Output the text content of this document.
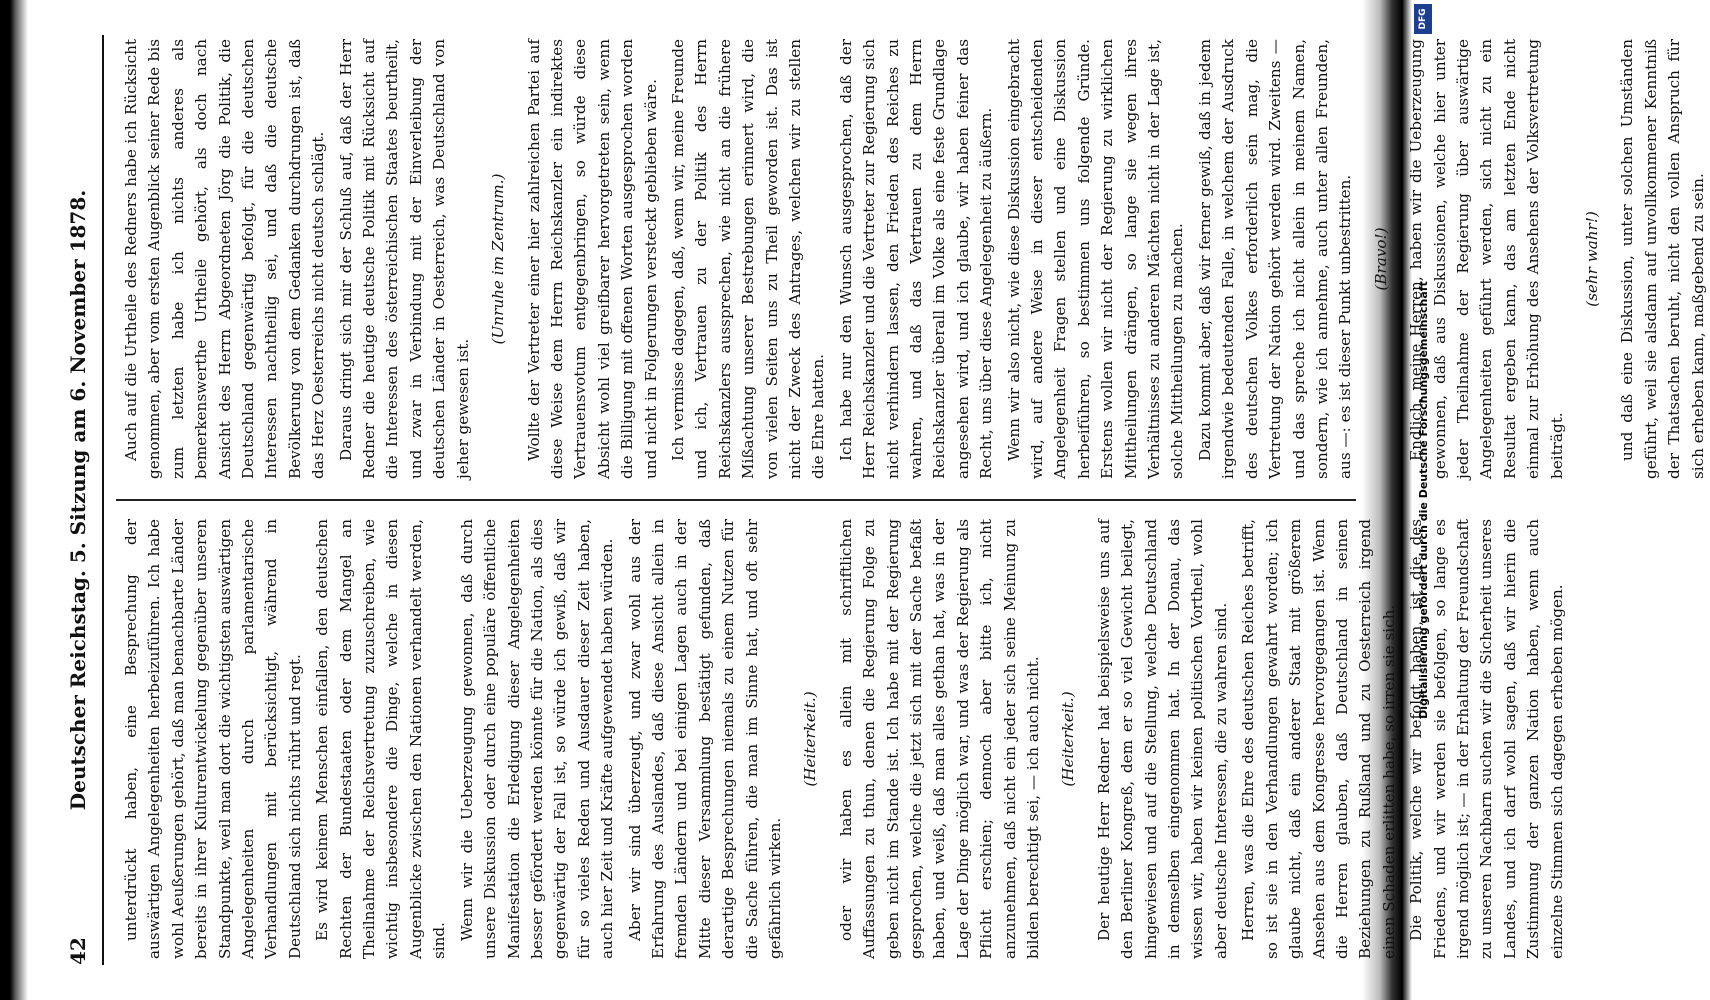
42
Deutscher Reichstag. 5. Sitzung am 6. November 1878. unterdrückt haben, eine Besprechung der auswärtigen Angelegenheiten herbeizuführen. Ich habe wohl Aeußerungen gehört, daß man benachbarte Länder bereits in ihrer Kulturentwickelung gegenüber unseren Standpunkte, weil man dort die wichtigsten auswärtigen Angelegenheiten durch parlamentarische Verhandlungen mit berücksichtigt, während in Deutschland sich nichts rührt und regt. Es wird keinem Menschen einfallen, den deutschen Rechten der Bundestaaten oder dem Mangel an Theilnahme der Reichsvertretung zuzuschreiben, wie wichtig insbesondere die Dinge, welche in diesen Augenblicke zwischen den Nationen verhandelt werden, sind. Wenn wir die Ueberzeugung gewonnen, daß durch unsere Diskussion oder durch eine populäre öffentliche Manifestation die Erledigung dieser Angelegenheiten besser gefördert werden könnte für die Nation, als dies gegenwärtig der Fall ist, so würde ich gewiß, daß wir für so vieles Reden und Ausdauer dieser Zeit haben, auch hier Zeit und Kräfte aufgewendet haben würden. Aber wir sind überzeugt, und zwar wohl aus der Erfahrung des Auslandes, daß diese Ansicht allein in fremden Ländern und bei einigen Lagen auch in der Mitte dieser Versammlung bestätigt gefunden, daß derartige Besprechungen niemals zu einem Nutzen für die Sache führen, die man im Sinne hat, und oft sehr gefährlich wirken.

(Heiterkeit.) oder wir haben es allein mit schriftlichen Auffassungen zu thun, denen die Regierung Folge zu geben nicht im Stande ist. Ich habe mit der Regierung gesprochen, welche die jetzt sich mit der Sache befaßt haben, und weiß, daß man alles gethan hat, was in der Lage der Dinge möglich war, und was der Regierung als Pflicht erschien; dennoch aber bitte ich, nicht anzunehmen, daß nicht ein jeder sich seine Meinung zu bilden berechtigt sei, — ich auch nicht. (Heiterkeit.) Der heutige Herr Redner hat beispielsweise uns auf den Berliner Kongreß, dem er so viel Gewicht beilegt, hingewiesen und auf die Stellung, welche Deutschland in demselben eingenommen hat. In der Donau, das wissen wir, haben wir keinen politischen Vortheil, wohl aber deutsche Interessen, die zu wahren sind. Herren, was die Ehre des deutschen Reiches betrifft, so ist sie in den Verhandlungen gewahrt worden; ich glaube nicht, daß ein anderer Staat mit größerem Ansehen aus dem Kongresse hervorgegangen ist. Wenn die Herren glauben, daß Deutschland in seinen Beziehungen zu Rußland und zu Oesterreich irgend einen Schaden erlitten habe, so irren sie sich. Die Politik, welche wir befolgt haben, ist die des Friedens, und wir werden sie befolgen, so lange es irgend möglich ist; — in der Erhaltung der Freundschaft zu unseren Nachbarn suchen wir die Sicherheit unseres Landes, und ich darf wohl sagen, daß wir hierin die Zustimmung der ganzen Nation haben, wenn auch einzelne Stimmen sich dagegen erheben mögen.

Auch auf die Urtheile des Redners habe ich Rücksicht genommen, aber vom ersten Augenblick seiner Rede bis zum letzten habe ich nichts anderes als bemerkenswerthe Urtheile gehört, als doch nach Ansicht des Herrn Abgeordneten Jörg die Politik, die Deutschland gegenwärtig befolgt, für die deutschen Interessen nachtheilig sei, und daß die deutsche Bevölkerung von dem Gedanken durchdrungen ist, daß das Herz Oesterreichs nicht deutsch schlägt. Daraus dringt sich mir der Schluß auf, daß der Herr Redner die heutige deutsche Politik mit Rücksicht auf die Interessen des österreichischen Staates beurtheilt, und zwar in Verbindung mit der Einverleibung der deutschen Länder in Oesterreich, was Deutschland von jeher gewesen ist.

(Unruhe im Zentrum.) Wollte der Vertreter einer hier zahlreichen Partei auf diese Weise dem Herrn Reichskanzler ein indirektes Vertrauensvotum entgegenbringen, so würde diese Absicht wohl viel greifbarer hervorgetreten sein, wenn die Billigung mit offenen Worten ausgesprochen worden und nicht in Folgerungen versteckt geblieben wäre. Ich vermisse dagegen, daß, wenn wir, meine Freunde und ich, Vertrauen zu der Politik des Herrn Reichskanzlers aussprechen, wie nicht an die frühere Mißachtung unserer Bestrebungen erinnert wird, die von vielen Seiten uns zu Theil geworden ist. Das ist nicht der Zweck des Antrages, welchen wir zu stellen die Ehre hatten. Ich habe nur den Wunsch ausgesprochen, daß der Herr Reichskanzler und die Vertreter zur Regierung sich nicht verhindern lassen, den Frieden des Reiches zu wahren, und daß das Vertrauen zu dem Herrn Reichskanzler überall im Volke als eine feste Grundlage angesehen wird, und ich glaube, wir haben feiner das Recht, uns über diese Angelegenheit zu äußern. Wenn wir also nicht, wie diese Diskussion eingebracht wird, auf andere Weise in dieser entscheidenden Angelegenheit Fragen stellen und eine Diskussion herbeiführen, so bestimmen uns folgende Gründe. Erstens wollen wir nicht der Regierung zu wirklichen Mittheilungen drängen, so lange sie wegen ihres Verhältnisses zu anderen Mächten nicht in der Lage ist, solche Mittheilungen zu machen. Dazu kommt aber, daß wir ferner gewiß, daß in jedem irgendwie bedeutenden Falle, in welchem der Ausdruck des deutschen Volkes erforderlich sein mag, die Vertretung der Nation gehört werden wird. Zweitens — und das spreche ich nicht allein in meinem Namen, sondern, wie ich annehme, auch unter allen Freunden, aus —: es ist dieser Punkt unbestritten. (Bravo!) Endlich, meine Herren, haben wir die Ueberzeugung gewonnen, daß aus Diskussionen, welche hier unter jeder Theilnahme der Regierung über auswärtige Angelegenheiten geführt werden, sich nicht zu ein Resultat ergeben kann, das am letzten Ende nicht einmal zur Erhöhung des Ansehens der Volksvertretung beiträgt.

(sehr wahr!) und daß eine Diskussion, unter solchen Umständen geführt, weil sie alsdann auf unvollkommener Kenntniß der Thatsachen beruht, nicht den vollen Anspruch für sich erheben kann, maßgebend zu sein.

Digitalisierung gefördert durch die Deutsche Forschungsgemeinschaft
DFG
